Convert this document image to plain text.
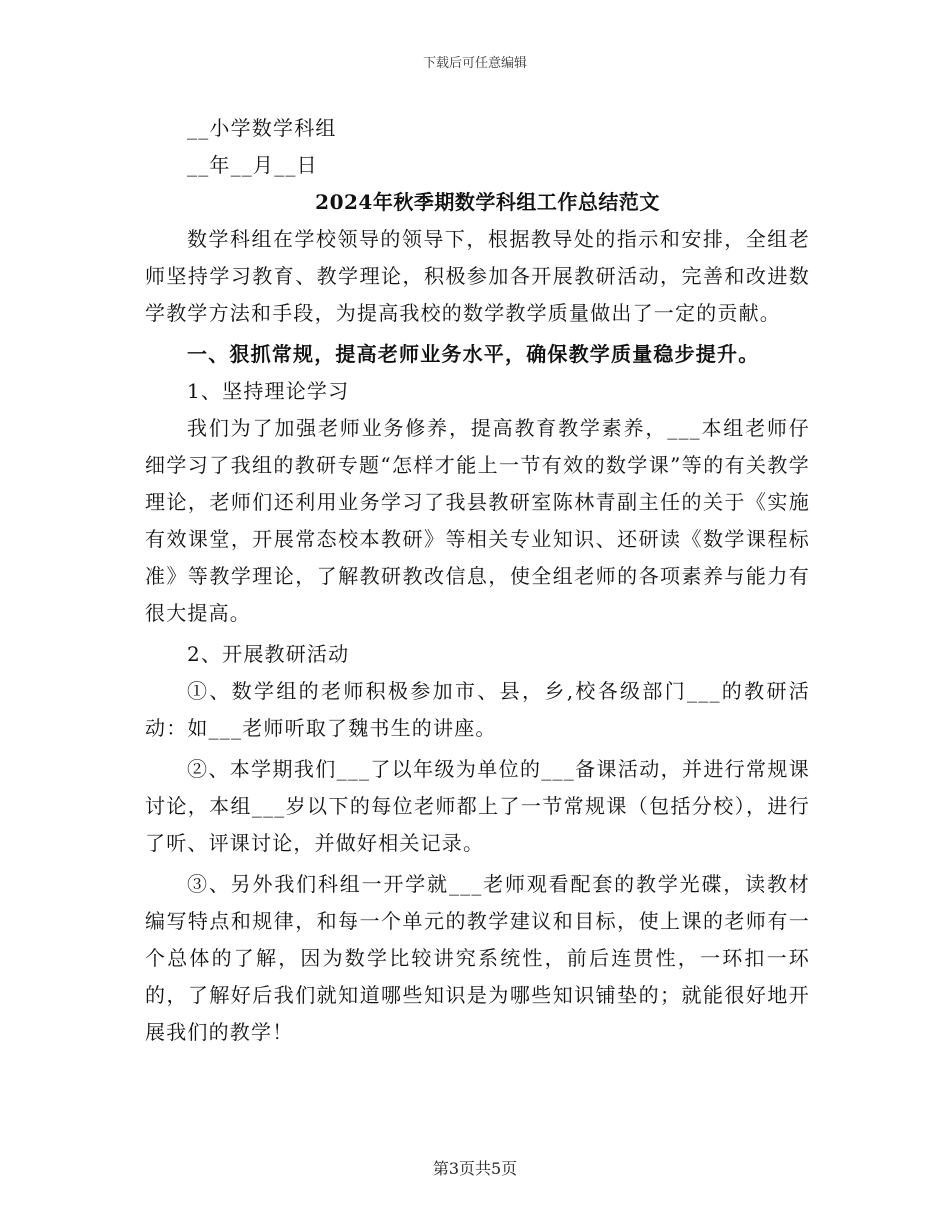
下载后可任意编辑

__小学数学科组

__年__月__日

2024年秋季期数学科组工作总结范文

数学科组在学校领导的领导下，根据教导处的指示和安排，全组老师坚持学习教育、教学理论，积极参加各开展教研活动，完善和改进数学教学方法和手段，为提高我校的数学教学质量做出了一定的贡献。

一、狠抓常规，提高老师业务水平，确保教学质量稳步提升。

1、坚持理论学习

我们为了加强老师业务修养，提高教育教学素养，___本组老师仔细学习了我组的教研专题“怎样才能上一节有效的数学课”等的有关教学理论，老师们还利用业务学习了我县教研室陈林青副主任的关于《实施有效课堂，开展常态校本教研》等相关专业知识、还研读《数学课程标准》等教学理论，了解教研教改信息，使全组老师的各项素养与能力有很大提高。

2、开展教研活动

①、数学组的老师积极参加市、县，乡,校各级部门___的教研活动：如___老师听取了魏书生的讲座。

②、本学期我们___了以年级为单位的___备课活动，并进行常规课讨论，本组___岁以下的每位老师都上了一节常规课（包括分校），进行了听、评课讨论，并做好相关记录。

③、另外我们科组一开学就___老师观看配套的教学光碟，读教材编写特点和规律，和每一个单元的教学建议和目标，使上课的老师有一个总体的了解，因为数学比较讲究系统性，前后连贯性，一环扣一环的，了解好后我们就知道哪些知识是为哪些知识铺垫的；就能很好地开展我们的教学！

第3页共5页
